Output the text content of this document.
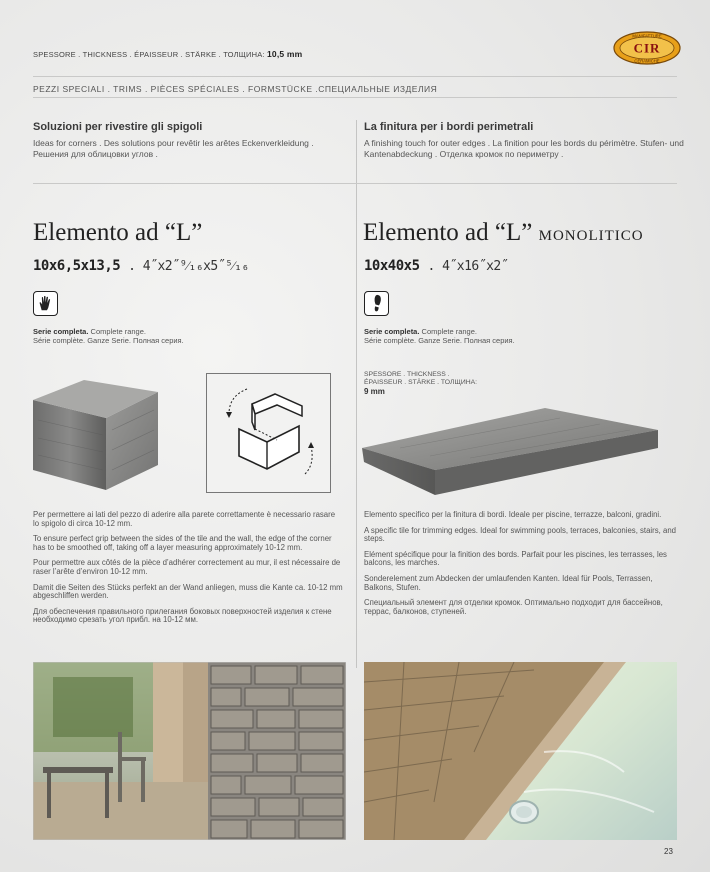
SPESSORE . THICKNESS . ÉPAISSEUR . STÄRKE . ТОЛЩИНА: 10,5 mm
MANIFATTURE
CIR
CERAMICHE
PEZZI SPECIALI . TRIMS . PIÈCES SPÉCIALES . FORMSTÜCKE .СПЕЦИАЛЬНЫЕ ИЗДЕЛИЯ
Soluzioni per rivestire gli spigoli
Ideas for corners . Des solutions pour revêtir les arêtes Eckenverkleidung . Решения для облицовки углов .
Elemento ad “L”
10x6,5x13,5 . 4˝x2˝⁹⁄₁₆x5˝⁵⁄₁₆
Serie completa. Complete range.
Série complète. Ganze Serie. Полная серия.

Per permettere ai lati del pezzo di aderire alla parete correttamente è necessario rasare lo spigolo di circa 10-12 mm.

To ensure perfect grip between the sides of the tile and the wall, the edge of the corner has to be smoothed off, taking off a layer measuring approximately 10-12 mm.

Pour permettre aux côtés de la pièce d’adhérer correctement au mur, il est nécessaire de raser l’arête d’environ 10-12 mm.

Damit die Seiten des Stücks perfekt an der Wand anliegen, muss die Kante ca. 10-12 mm abgeschliffen werden.

Для обеспечения правильного прилегания боковых поверхностей изделия к стене необходимо срезать угол прибл. на 10-12 мм.

La finitura per i bordi perimetrali
A finishing touch for outer edges . La finition pour les bords du périmètre. Stufen- und Kantenabdeckung . Отделка кромок по периметру .
Elemento ad “L” MONOLITICO
10x40x5 . 4˝x16˝x2˝
Serie completa. Complete range.
Série complète. Ganze Serie. Полная серия.
SPESSORE . THICKNESS .
ÉPAISSEUR . STÄRKE . ТОЛЩИНА:
9 mm

Elemento specifico per la finitura di bordi. Ideale per piscine, terrazze, balconi, gradini.

A specific tile for trimming edges. Ideal for swimming pools, terraces, balconies, stairs, and steps.

Elément spécifique pour la finition des bords. Parfait pour les piscines, les terrasses, les balcons, les marches.

Sonderelement zum Abdecken der umlaufenden Kanten. Ideal für Pools, Terrassen, Balkons, Stufen.

Специальный элемент для отделки кромок. Оптимально подходит для бассейнов, террас, балконов, ступеней.

23
